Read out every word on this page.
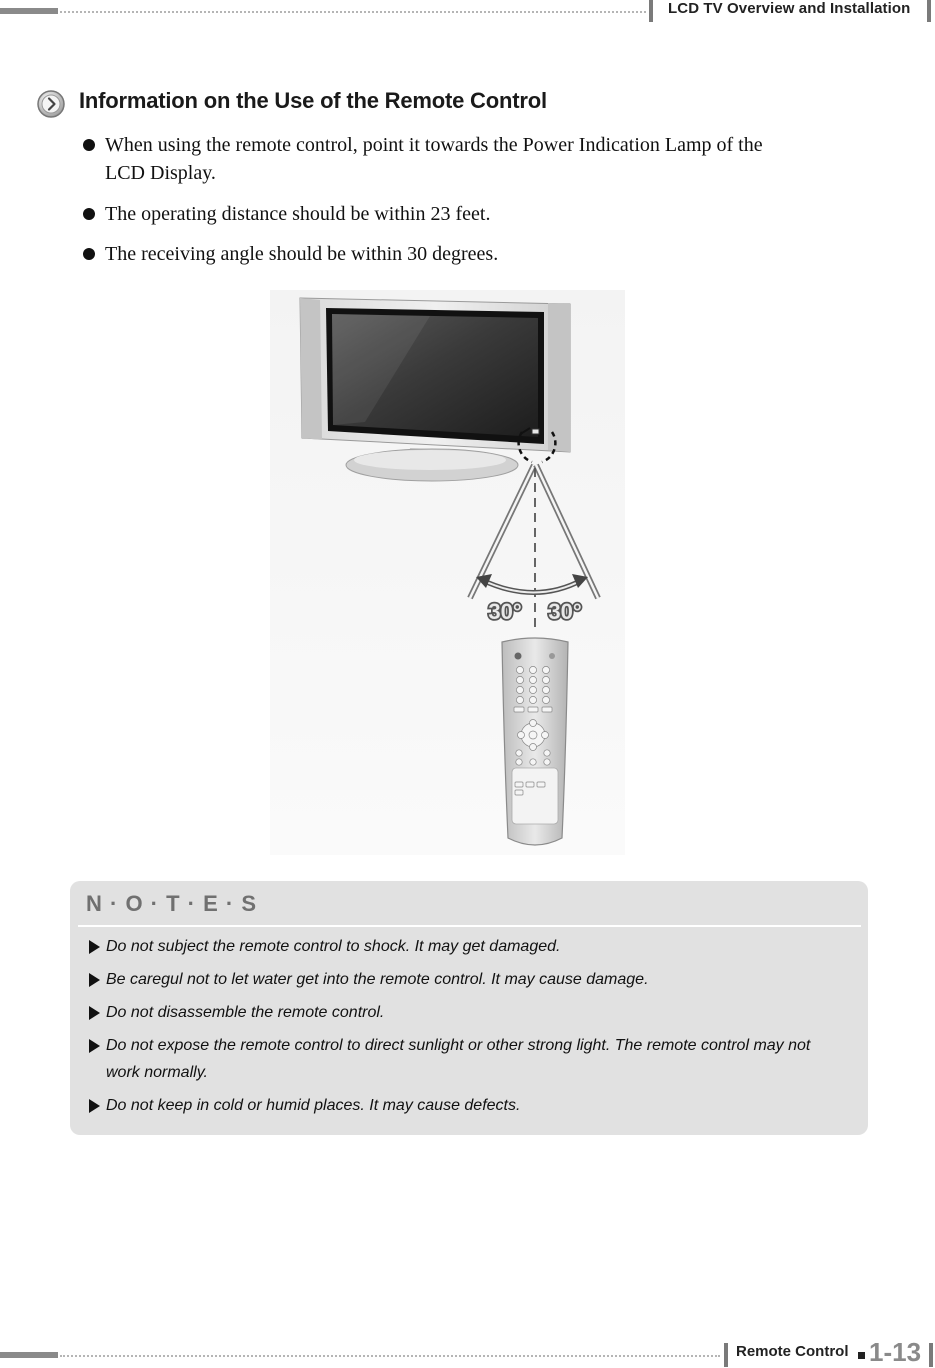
LCD TV Overview and Installation
Information on the Use of the Remote Control
When using the remote control, point it towards the Power Indication Lamp of the LCD Display.
The operating distance should be within 23 feet.
The receiving angle should be within 30 degrees.
30° 30°
N · O · T · E · S
Do not subject the remote control to shock. It may get damaged.
Be caregul not to let water get into the remote control. It may cause damage.
Do not disassemble the remote control.
Do not expose the remote control to direct sunlight or other strong light. The remote control may not work normally.
Do not keep in cold or humid places. It may cause defects.
Remote Control 1-13
